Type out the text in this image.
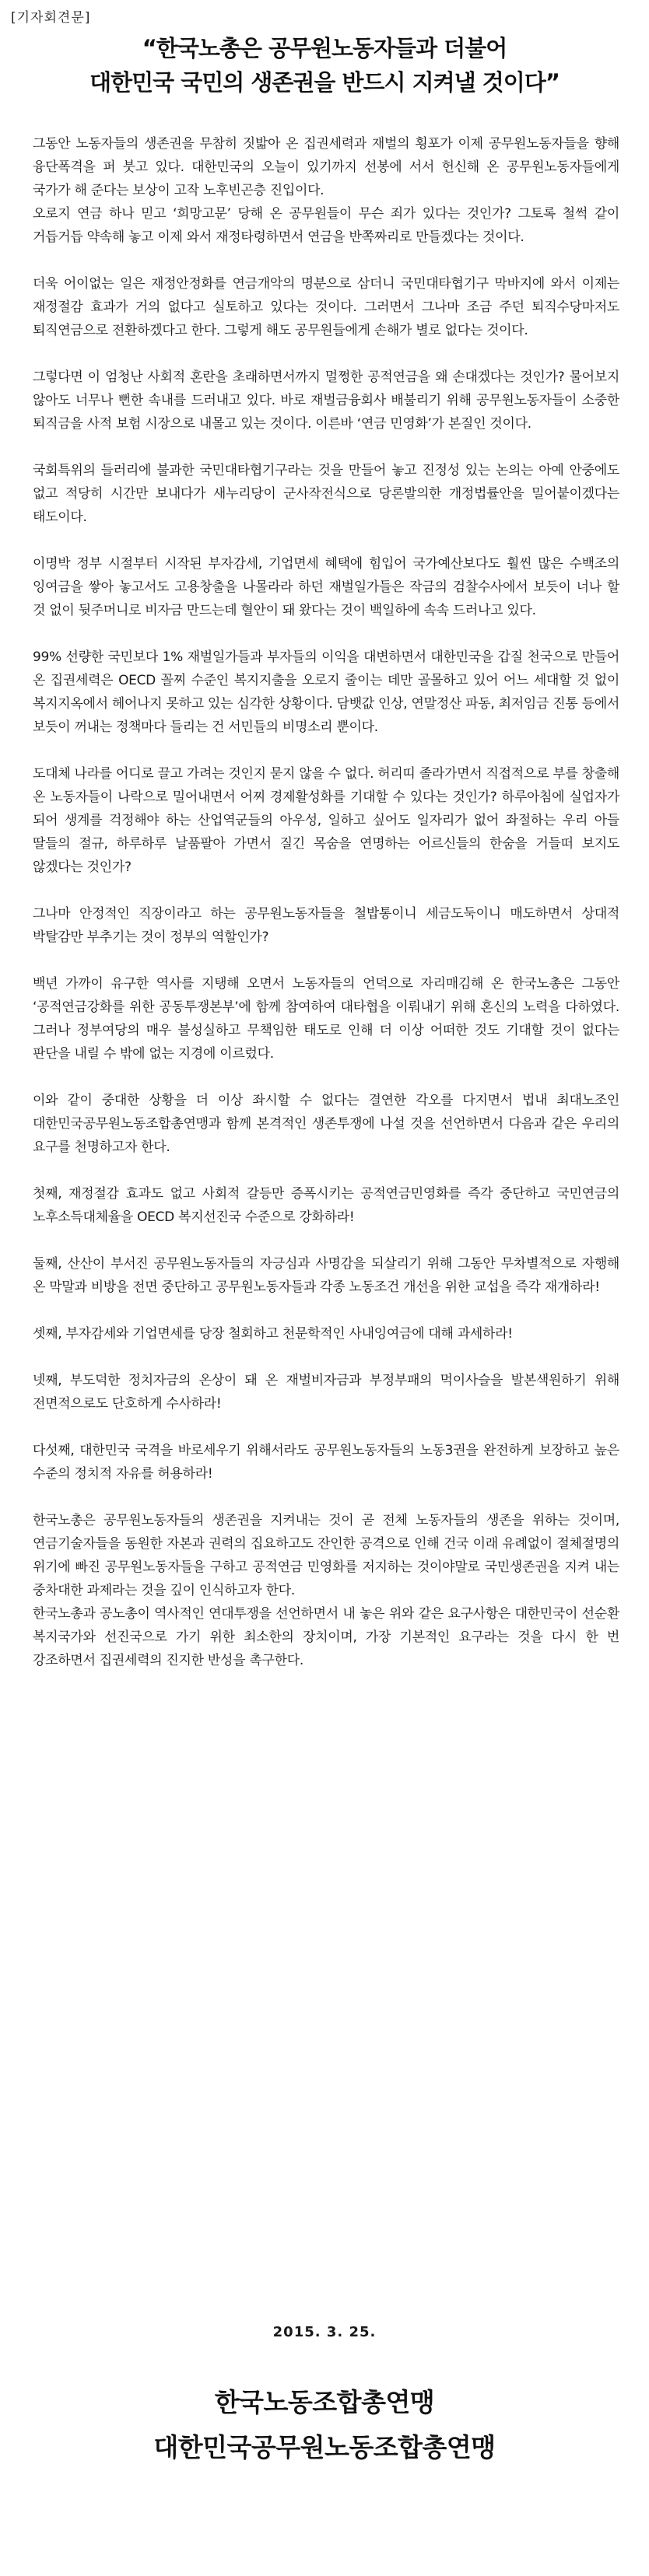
[기자회견문]
“한국노총은 공무원노동자들과 더불어
대한민국 국민의 생존권을 반드시 지켜낼 것이다”

그동안 노동자들의 생존권을 무참히 짓밟아 온 집권세력과 재벌의 횡포가 이제 공무원노동자들을 향해 융단폭격을 퍼 붓고 있다. 대한민국의 오늘이 있기까지 선봉에 서서 헌신해 온 공무원노동자들에게 국가가 해 준다는 보상이 고작 노후빈곤층 진입이다.

오로지 연금 하나 믿고 ‘희망고문’ 당해 온 공무원들이 무슨 죄가 있다는 것인가? 그토록 철썩 같이 거듭거듭 약속해 놓고 이제 와서 재정타령하면서 연금을 반쪽짜리로 만들겠다는 것이다.

더욱 어이없는 일은 재정안정화를 연금개악의 명분으로 삼더니 국민대타협기구 막바지에 와서 이제는 재정절감 효과가 거의 없다고 실토하고 있다는 것이다. 그러면서 그나마 조금 주던 퇴직수당마저도 퇴직연금으로 전환하겠다고 한다. 그렇게 해도 공무원들에게 손해가 별로 없다는 것이다.

그렇다면 이 엄청난 사회적 혼란을 초래하면서까지 멀쩡한 공적연금을 왜 손대겠다는 것인가? 물어보지 않아도 너무나 뻔한 속내를 드러내고 있다. 바로 재벌금융회사 배불리기 위해 공무원노동자들이 소중한 퇴직금을 사적 보험 시장으로 내몰고 있는 것이다. 이른바 ‘연금 민영화’가 본질인 것이다.

국회특위의 들러리에 불과한 국민대타협기구라는 것을 만들어 놓고 진정성 있는 논의는 아예 안중에도 없고 적당히 시간만 보내다가 새누리당이 군사작전식으로 당론발의한 개정법률안을 밀어붙이겠다는 태도이다.

이명박 정부 시절부터 시작된 부자감세, 기업면세 혜택에 힘입어 국가예산보다도 훨씬 많은 수백조의 잉여금을 쌓아 놓고서도 고용창출을 나몰라라 하던 재벌일가들은 작금의 검찰수사에서 보듯이 너나 할 것 없이 뒷주머니로 비자금 만드는데 혈안이 돼 왔다는 것이 백일하에 속속 드러나고 있다.

99% 선량한 국민보다 1% 재벌일가들과 부자들의 이익을 대변하면서 대한민국을 갑질 천국으로 만들어 온 집권세력은 OECD 꼴찌 수준인 복지지출을 오로지 줄이는 데만 골몰하고 있어 어느 세대할 것 없이 복지지옥에서 헤어나지 못하고 있는 심각한 상황이다. 담뱃값 인상, 연말정산 파동, 최저임금 진통 등에서 보듯이 꺼내는 정책마다 들리는 건 서민들의 비명소리 뿐이다.

도대체 나라를 어디로 끌고 가려는 것인지 묻지 않을 수 없다. 허리띠 졸라가면서 직접적으로 부를 창출해 온 노동자들이 나락으로 밀어내면서 어찌 경제활성화를 기대할 수 있다는 것인가? 하루아침에 실업자가 되어 생계를 걱정해야 하는 산업역군들의 아우성, 일하고 싶어도 일자리가 없어 좌절하는 우리 아들 딸들의 절규, 하루하루 날품팔아 가면서 질긴 목숨을 연명하는 어르신들의 한숨을 거들떠 보지도 않겠다는 것인가?

그나마 안정적인 직장이라고 하는 공무원노동자들을 철밥통이니 세금도둑이니 매도하면서 상대적 박탈감만 부추기는 것이 정부의 역할인가?

백년 가까이 유구한 역사를 지탱해 오면서 노동자들의 언덕으로 자리매김해 온 한국노총은 그동안 ‘공적연금강화를 위한 공동투쟁본부’에 함께 참여하여 대타협을 이뤄내기 위해 혼신의 노력을 다하였다. 그러나 정부여당의 매우 불성실하고 무책임한 태도로 인해 더 이상 어떠한 것도 기대할 것이 없다는 판단을 내릴 수 밖에 없는 지경에 이르렀다.

이와 같이 중대한 상황을 더 이상 좌시할 수 없다는 결연한 각오를 다지면서 법내 최대노조인 대한민국공무원노동조합총연맹과 함께 본격적인 생존투쟁에 나설 것을 선언하면서 다음과 같은 우리의 요구를 천명하고자 한다.

첫째, 재정절감 효과도 없고 사회적 갈등만 증폭시키는 공적연금민영화를 즉각 중단하고 국민연금의 노후소득대체율을 OECD 복지선진국 수준으로 강화하라!

둘째, 산산이 부서진 공무원노동자들의 자긍심과 사명감을 되살리기 위해 그동안 무차별적으로 자행해 온 막말과 비방을 전면 중단하고 공무원노동자들과 각종 노동조건 개선을 위한 교섭을 즉각 재개하라!

셋째, 부자감세와 기업면세를 당장 철회하고 천문학적인 사내잉여금에 대해 과세하라!

넷째, 부도덕한 정치자금의 온상이 돼 온 재벌비자금과 부정부패의 먹이사슬을 발본색원하기 위해 전면적으로도 단호하게 수사하라!

다섯째, 대한민국 국격을 바로세우기 위해서라도 공무원노동자들의 노동3권을 완전하게 보장하고 높은 수준의 정치적 자유를 허용하라!

한국노총은 공무원노동자들의 생존권을 지켜내는 것이 곧 전체 노동자들의 생존을 위하는 것이며, 연금기술자들을 동원한 자본과 권력의 집요하고도 잔인한 공격으로 인해 건국 이래 유례없이 절체절명의 위기에 빠진 공무원노동자들을 구하고 공적연금 민영화를 저지하는 것이야말로 국민생존권을 지켜 내는 중차대한 과제라는 것을 깊이 인식하고자 한다.

한국노총과 공노총이 역사적인 연대투쟁을 선언하면서 내 놓은 위와 같은 요구사항은 대한민국이 선순환 복지국가와 선진국으로 가기 위한 최소한의 장치이며, 가장 기본적인 요구라는 것을 다시 한 번 강조하면서 집권세력의 진지한 반성을 촉구한다.

2015. 3. 25.
한국노동조합총연맹
대한민국공무원노동조합총연맹
